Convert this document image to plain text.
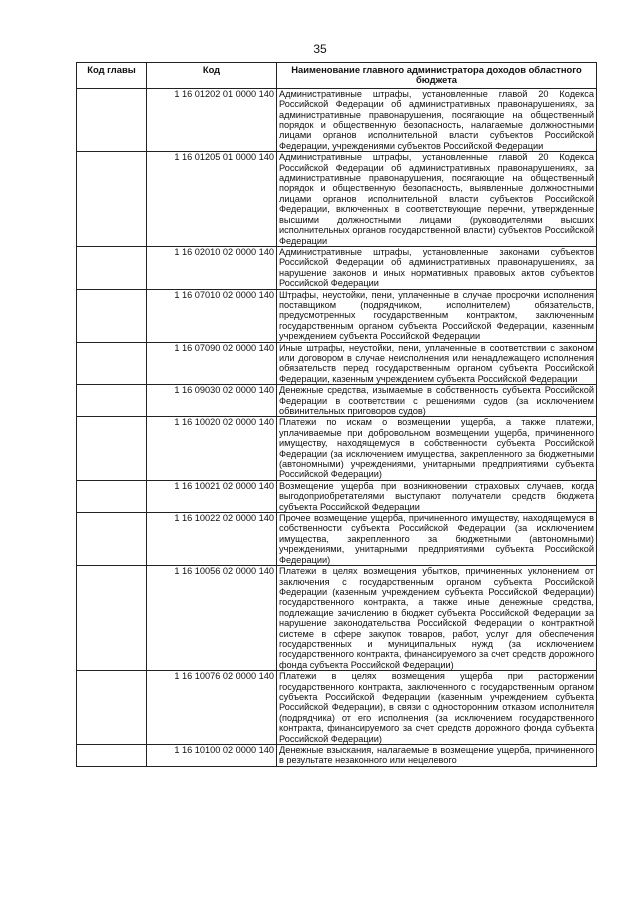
35
Код главы	Код	Наименование главного администратора доходов областного бюджета
	1 16 01202 01 0000 140	Административные штрафы, установленные главой 20 Кодекса Российской Федерации об административных правонарушениях, за административные правонарушения, посягающие на общественный порядок и общественную безопасность, налагаемые должностными лицами органов исполнительной власти субъектов Российской Федерации, учреждениями субъектов Российской Федерации
	1 16 01205 01 0000 140	Административные штрафы, установленные главой 20 Кодекса Российской Федерации об административных правонарушениях, за административные правонарушения, посягающие на общественный порядок и общественную безопасность, выявленные должностными лицами органов исполнительной власти субъектов Российской Федерации, включенных в соответствующие перечни, утвержденные высшими должностными лицами (руководителями высших исполнительных органов государственной власти) субъектов Российской Федерации
	1 16 02010 02 0000 140	Административные штрафы, установленные законами субъектов Российской Федерации об административных правонарушениях, за нарушение законов и иных нормативных правовых актов субъектов Российской Федерации
	1 16 07010 02 0000 140	Штрафы, неустойки, пени, уплаченные в случае просрочки исполнения поставщиком (подрядчиком, исполнителем) обязательств, предусмотренных государственным контрактом, заключенным государственным органом субъекта Российской Федерации, казенным учреждением субъекта Российской Федерации
	1 16 07090 02 0000 140	Иные штрафы, неустойки, пени, уплаченные в соответствии с законом или договором в случае неисполнения или ненадлежащего исполнения обязательств перед государственным органом субъекта Российской Федерации, казенным учреждением субъекта Российской Федерации
	1 16 09030 02 0000 140	Денежные средства, изымаемые в собственность субъекта Российской Федерации в соответствии с решениями судов (за исключением обвинительных приговоров судов)
	1 16 10020 02 0000 140	Платежи по искам о возмещении ущерба, а также платежи, уплачиваемые при добровольном возмещении ущерба, причиненного имуществу, находящемуся в собственности субъекта Российской Федерации (за исключением имущества, закрепленного за бюджетными (автономными) учреждениями, унитарными предприятиями субъекта Российской Федерации)
	1 16 10021 02 0000 140	Возмещение ущерба при возникновении страховых случаев, когда выгодоприобретателями выступают получатели средств бюджета субъекта Российской Федерации
	1 16 10022 02 0000 140	Прочее возмещение ущерба, причиненного имуществу, находящемуся в собственности субъекта Российской Федерации (за исключением имущества, закрепленного за бюджетными (автономными) учреждениями, унитарными предприятиями субъекта Российской Федерации)
	1 16 10056 02 0000 140	Платежи в целях возмещения убытков, причиненных уклонением от заключения с государственным органом субъекта Российской Федерации (казенным учреждением субъекта Российской Федерации) государственного контракта, а также иные денежные средства, подлежащие зачислению в бюджет субъекта Российской Федерации за нарушение законодательства Российской Федерации о контрактной системе в сфере закупок товаров, работ, услуг для обеспечения государственных и муниципальных нужд (за исключением государственного контракта, финансируемого за счет средств дорожного фонда субъекта Российской Федерации)
	1 16 10076 02 0000 140	Платежи в целях возмещения ущерба при расторжении государственного контракта, заключенного с государственным органом субъекта Российской Федерации (казенным учреждением субъекта Российской Федерации), в связи с односторонним отказом исполнителя (подрядчика) от его исполнения (за исключением государственного контракта, финансируемого за счет средств дорожного фонда субъекта Российской Федерации)
	1 16 10100 02 0000 140	Денежные взыскания, налагаемые в возмещение ущерба, причиненного в результате незаконного или нецелевого
